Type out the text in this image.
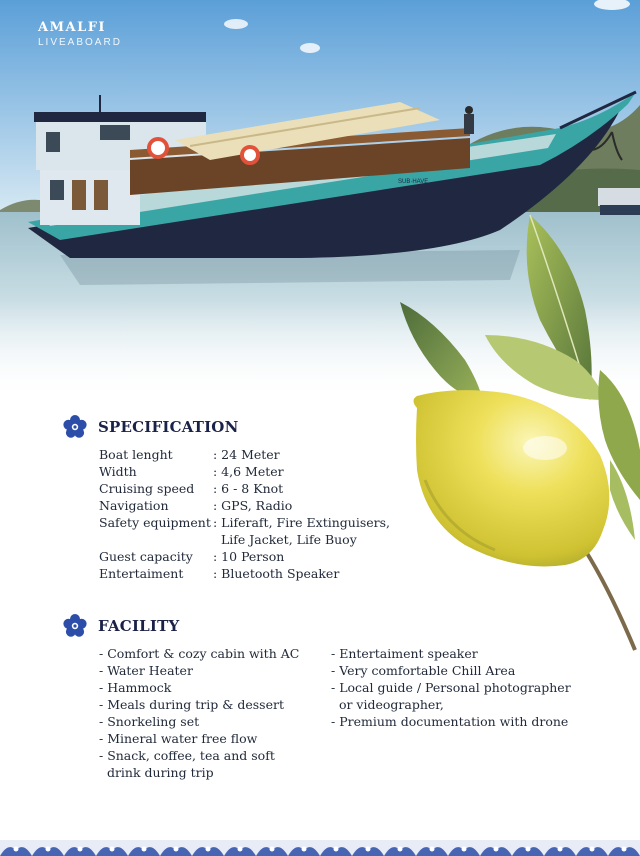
SUB·HAVE
AMALFI
LIVEABOARD
SPECIFICATION
Boat lenght	: 24 Meter
Width	: 4,6 Meter
Cruising speed	: 6 - 8 Knot
Navigation	: GPS, Radio
Safety equipment	: Liferaft, Fire Extinguisers,
	Life Jacket, Life Buoy
Guest capacity	: 10 Person
Entertaiment	: Bluetooth Speaker
FACILITY
- Comfort & cozy cabin with AC
- Water Heater
- Hammock
- Meals during trip & dessert
- Snorkeling set
- Mineral water free flow
- Snack, coffee, tea and soft
drink during trip
- Entertaiment speaker
- Very comfortable Chill Area
- Local guide / Personal photographer
or videographer,
- Premium documentation with drone
